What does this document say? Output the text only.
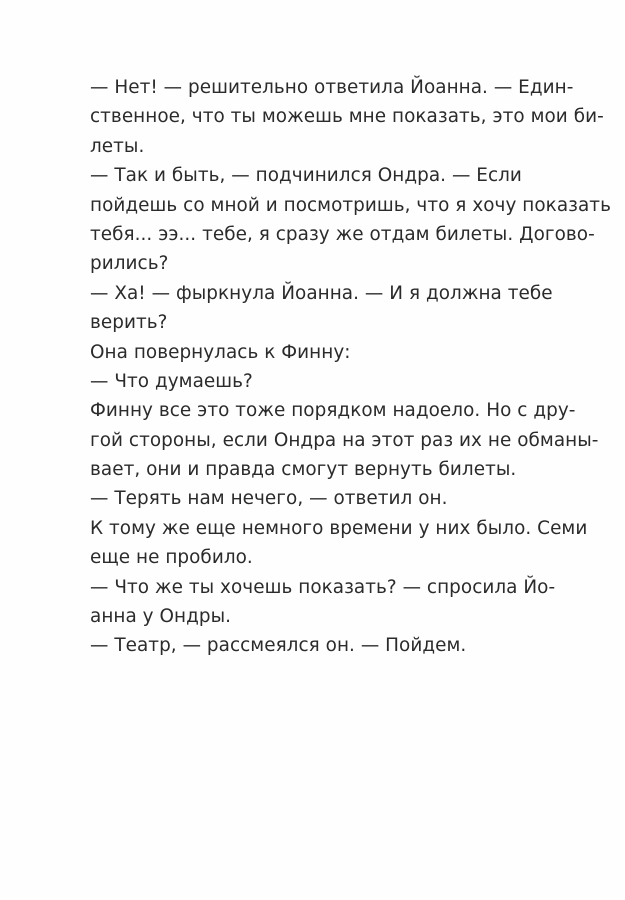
— Нет! — решительно ответила Йоанна. — Един-
ственное, что ты можешь мне показать, это мои би-
леты.
— Так и быть, — подчинился Ондра. — Если
пойдешь со мной и посмотришь, что я хочу показать
тебя... ээ... тебе, я сразу же отдам билеты. Догово-
рились?
— Ха! — фыркнула Йоанна. — И я должна тебе
верить?
Она повернулась к Финну:
— Что думаешь?
Финну все это тоже порядком надоело. Но с дру-
гой стороны, если Ондра на этот раз их не обманы-
вает, они и правда смогут вернуть билеты.
— Терять нам нечего, — ответил он.
К тому же еще немного времени у них было. Семи
еще не пробило.
— Что же ты хочешь показать? — спросила Йо-
анна у Ондры.
— Театр, — рассмеялся он. — Пойдем.
